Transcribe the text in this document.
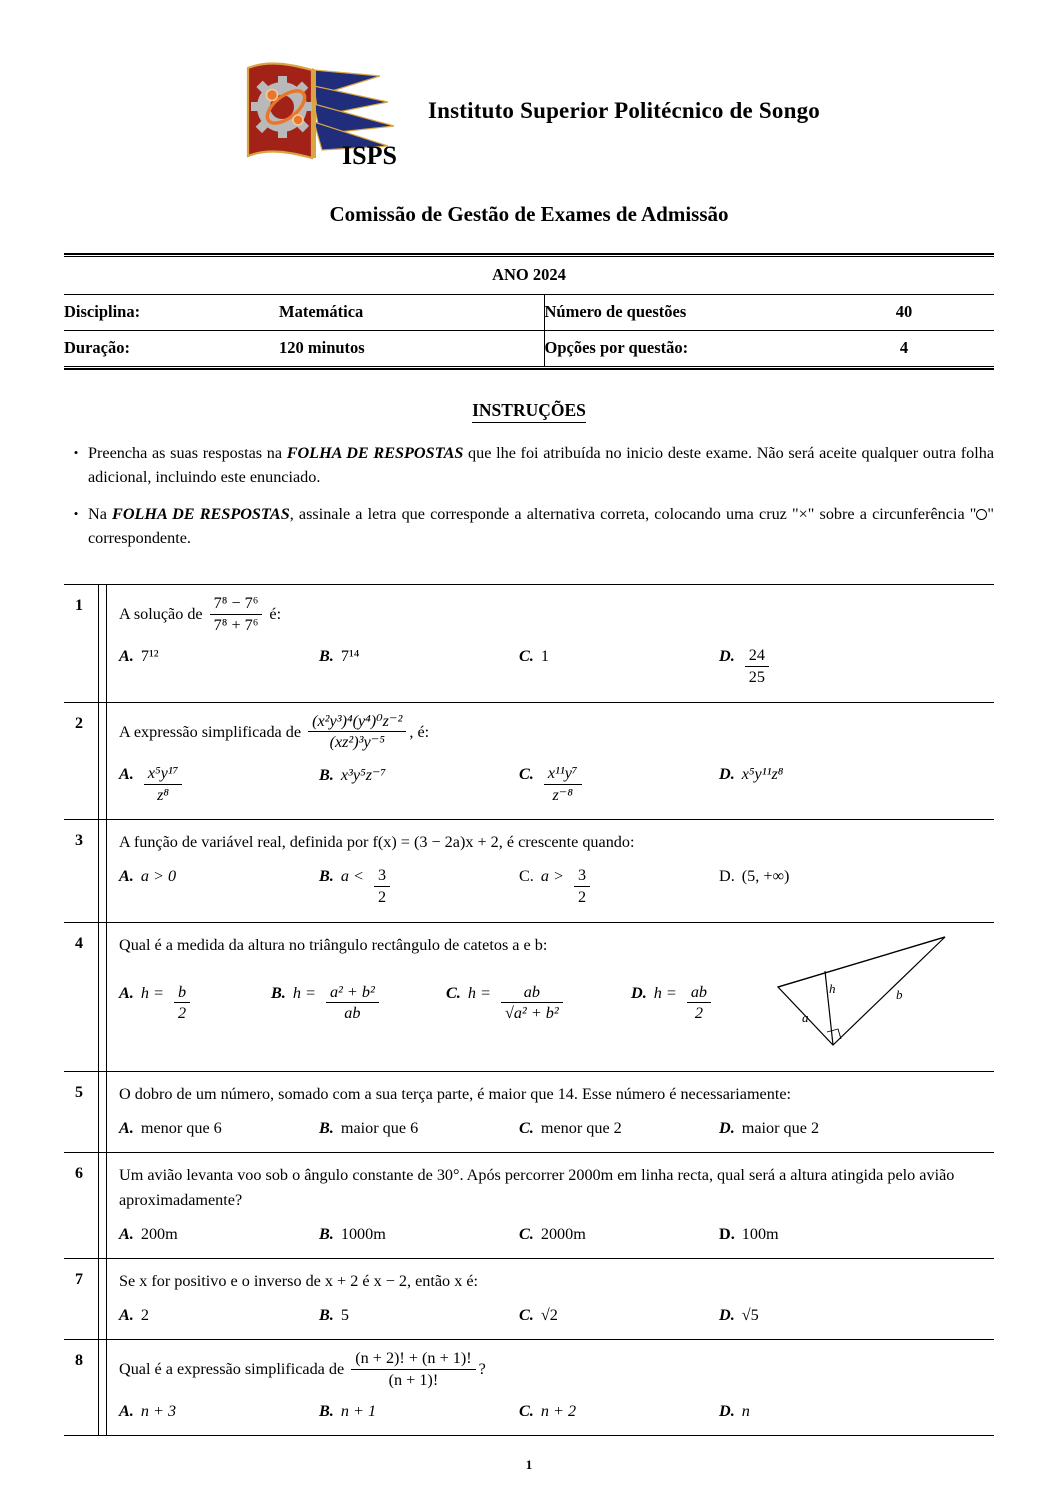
ISPS
Instituto Superior Politécnico de Songo
Comissão de Gestão de Exames de Admissão
ANO 2024			

Disciplina:	Matemática	Número de questões	40

Duração:	120 minutos	Opções por questão:	4
INSTRUÇÕES
• Preencha as suas respostas na FOLHA DE RESPOSTAS que lhe foi atribuída no inicio deste exame. Não será aceite qualquer outra folha adicional, incluindo este enunciado.
• Na FOLHA DE RESPOSTAS, assinale a letra que corresponde a alternativa correta, colocando uma cruz "×" sobre a circunferência " " correspondente.
1	A solução de $\frac{\text{7⁸ − 7⁶}}{\text{7⁸ + 7⁶}}$ é:
A. 7¹²	B. 7¹⁴	C. 1	D. $\frac{24}{25}$
2	A expressão simplificada de $\frac{\text{(x²y³)⁴(y⁴)⁰z⁻²}}{\text{(xz²)³y⁻⁵}}$ , é:
A. $\frac{\text{x⁵y¹⁷}}{\text{z⁸}}$	B. x³y⁵z⁻⁷	C. $\frac{\text{x¹¹y⁷}}{\text{z⁻⁸}}$	D. x⁵y¹¹z⁸
3	A função de variável real, definida por f(x) = (3 − 2a)x + 2, é crescente quando:
A. a > 0	B. $a < \frac{3}{2}$	C. $a > \frac{3}{2}$	D. (5, +∞)
4	Qual é a medida da altura no triângulo rectângulo de catetos a e b:
a
h	b
A. $h = \frac{b}{2}$	B. $h = \frac{\text{a² + b²}}{ab}$	C. $h = \frac{ab}{\text{√a² + b²}}$	D. $h = \frac{ab}{2}$
5	O dobro de um número, somado com a sua terça parte, é maior que 14. Esse número é necessariamente:
A. menor que 6	B. maior que 6	C. menor que 2	D. maior que 2
6	Um avião levanta voo sob o ângulo constante de 30°. Após percorrer 2000m em linha recta, qual será a altura atingida pelo avião aproximadamente?
A. 200m	B. 1000m	C. 2000m	D. 100m
7	Se x for positivo e o inverso de x + 2 é x − 2, então x é:
A. 2	B. 5	C. √2	D. √5
8	Qual é a expressão simplificada de $\frac{(n + 2)! + (n + 1)!}{(n + 1)!}$ ?
A. n + 3	B. n + 1	C. n + 2	D. n
1
